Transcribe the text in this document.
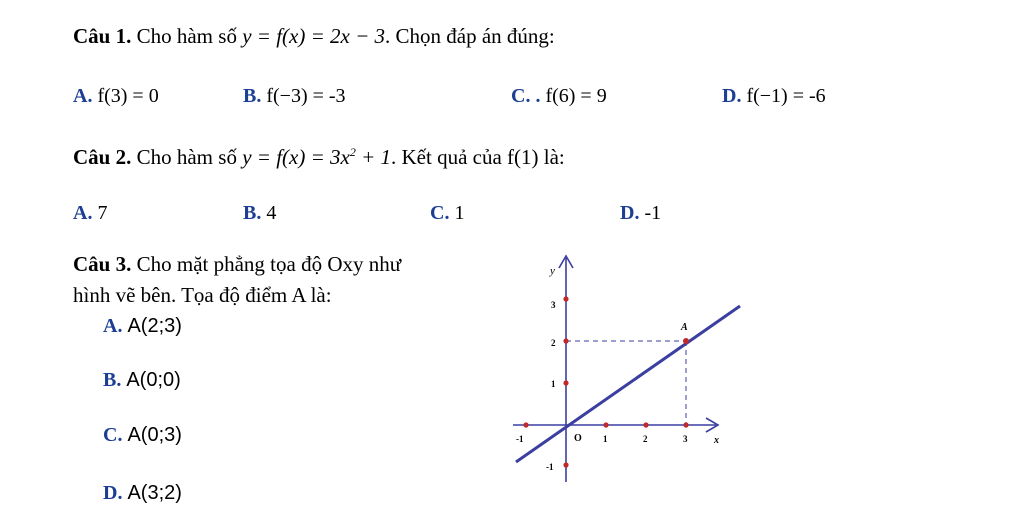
Câu 1. Cho hàm số y = f(x) = 2x − 3. Chọn đáp án đúng:
A. f(3) = 0	B. f(−3) = -3	C. . f(6) = 9	D. f(−1) = -6
Câu 2. Cho hàm số $y = f(x) = 3x^2 + 1$. Kết quả của f(1) là:
A. 7	B. 4	C. 1	D. -1
Câu 3. Cho mặt phẳng tọa độ Oxy như
hình vẽ bên. Tọa độ điểm A là:
A. A(2;3)
B. A(0;0)
C. A(0;3)
D. A(3;2)
y
x
O
A
-1	1	2	3
3
2
1
-1
